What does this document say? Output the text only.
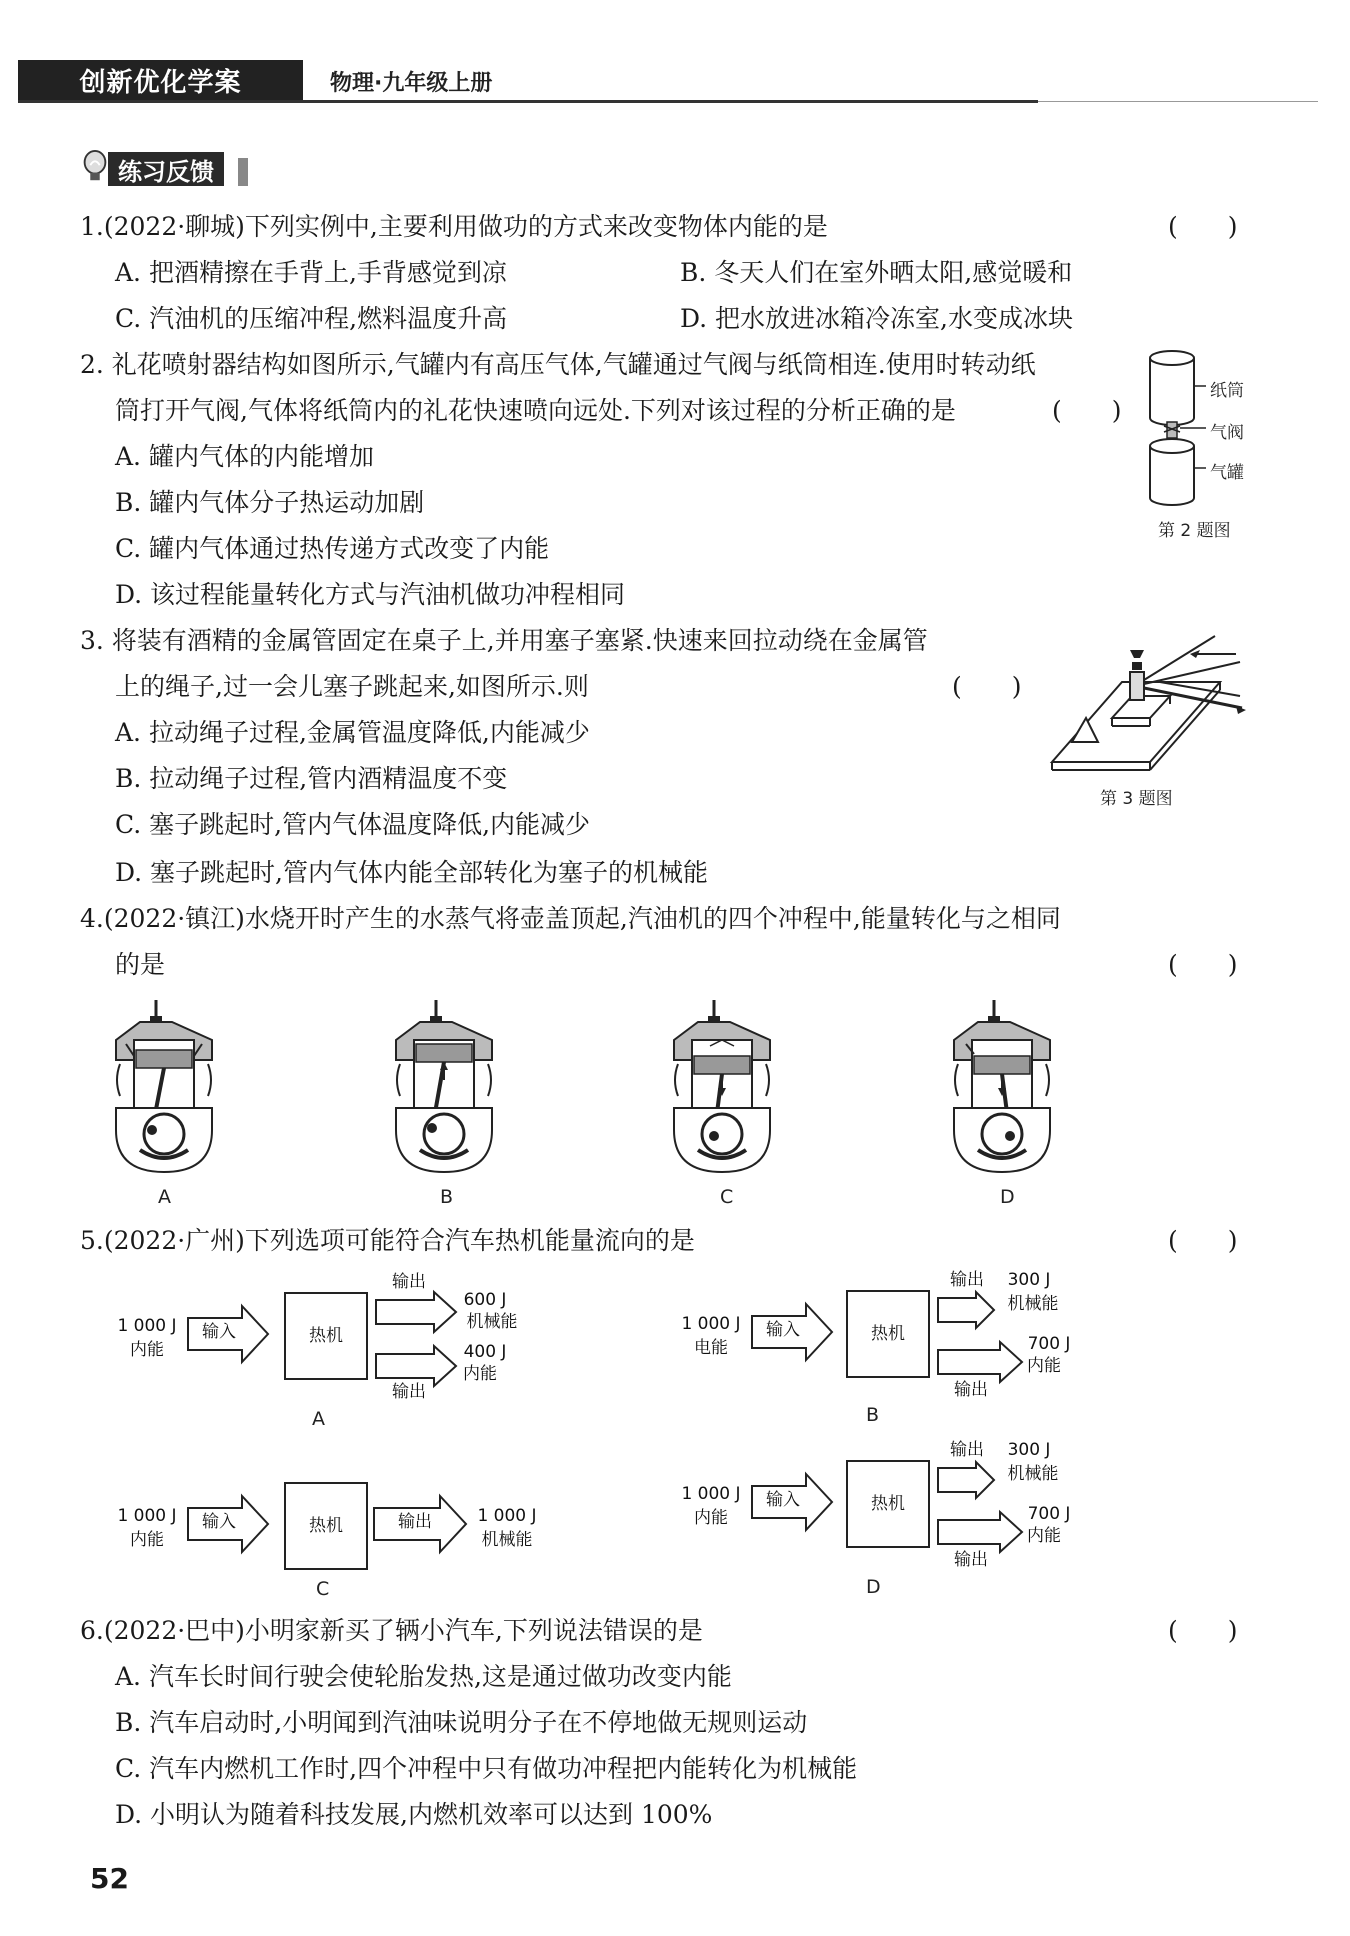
创新优化学案	物理·九年级上册
练习反馈
1.(2022·聊城)下列实例中,主要利用做功的方式来改变物体内能的是	(　　)
A. 把酒精擦在手背上,手背感觉到凉	B. 冬天人们在室外晒太阳,感觉暖和
C. 汽油机的压缩冲程,燃料温度升高	D. 把水放进冰箱冷冻室,水变成冰块
2. 礼花喷射器结构如图所示,气罐内有高压气体,气罐通过气阀与纸筒相连.使用时转动纸
筒打开气阀,气体将纸筒内的礼花快速喷向远处.下列对该过程的分析正确的是	(　　)
A. 罐内气体的内能增加
B. 罐内气体分子热运动加剧
C. 罐内气体通过热传递方式改变了内能
D. 该过程能量转化方式与汽油机做功冲程相同
纸筒
气阀
气罐
第 2 题图
3. 将装有酒精的金属管固定在桌子上,并用塞子塞紧.快速来回拉动绕在金属管
上的绳子,过一会儿塞子跳起来,如图所示.则	(　　)
A. 拉动绳子过程,金属管温度降低,内能减少
B. 拉动绳子过程,管内酒精温度不变
C. 塞子跳起时,管内气体温度降低,内能减少
D. 塞子跳起时,管内气体内能全部转化为塞子的机械能
第 3 题图
4.(2022·镇江)水烧开时产生的水蒸气将壶盖顶起,汽油机的四个冲程中,能量转化与之相同
的是	(　　)
A	B	C	D
5.(2022·广州)下列选项可能符合汽车热机能量流向的是	(　　)
1 000 J
内能
输入	热机
输出
600 J
机械能
输出
400 J
内能
A
1 000 J
电能
输入	热机
输出	300 J
机械能
输出
700 J
内能
B
1 000 J
内能
输入	热机	输出	1 000 J
机械能
C
1 000 J
内能
输入	热机
输出	300 J
机械能
输出
700 J
内能
D
6.(2022·巴中)小明家新买了辆小汽车,下列说法错误的是	(　　)
A. 汽车长时间行驶会使轮胎发热,这是通过做功改变内能
B. 汽车启动时,小明闻到汽油味说明分子在不停地做无规则运动
C. 汽车内燃机工作时,四个冲程中只有做功冲程把内能转化为机械能
D. 小明认为随着科技发展,内燃机效率可以达到 100%
52
